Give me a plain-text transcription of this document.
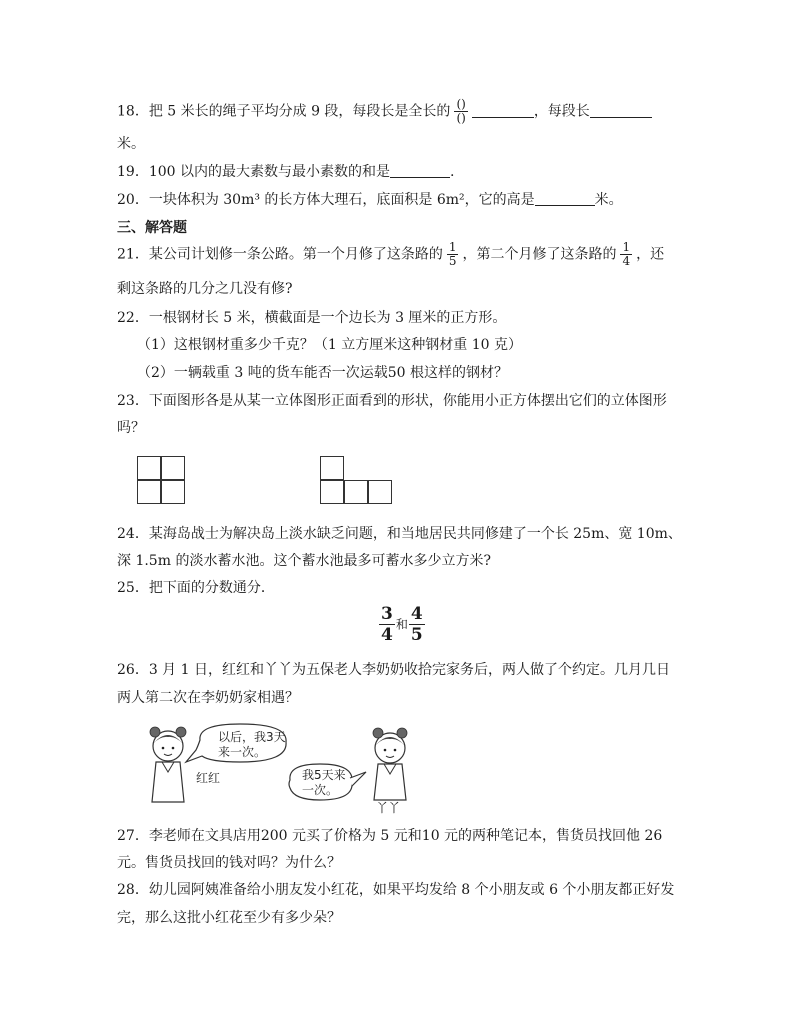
18．把 5 米长的绳子平均分成 9 段，每段长是全长的 $\frac{()}{()}$	，每段长
米。
19．100 以内的最大素数与最小素数的和是	.
20．一块体积为 30m³ 的长方体大理石，底面积是 6m²，它的高是	米。
三、解答题
21．某公司计划修一条公路。第一个月修了这条路的 $\frac{1}{5}$ ，第二个月修了这条路的 $\frac{1}{4}$ ，还
剩这条路的几分之几没有修?
22．一根钢材长 5 米，横截面是一个边长为 3 厘米的正方形。
（1）这根钢材重多少千克？（1 立方厘米这种钢材重 10 克）
（2）一辆载重 3 吨的货车能否一次运载50 根这样的钢材？
23．下面图形各是从某一立体图形正面看到的形状，你能用小正方体摆出它们的立体图形
吗？
24．某海岛战士为解决岛上淡水缺乏问题，和当地居民共同修建了一个长 25m、宽 10m、
深 1.5m 的淡水蓄水池。这个蓄水池最多可蓄水多少立方米?
25．把下面的分数通分．
$\frac{3}{4}$ 和 $\frac{4}{5}$
26．3 月 1 日，红红和丫丫为五保老人李奶奶收拾完家务后，两人做了个约定。几月几日
两人第二次在李奶奶家相遇？
红红
以后，我3天
来一次。
我5天来
一次。
丫丫
27．李老师在文具店用200 元买了价格为 5 元和10 元的两种笔记本，售货员找回他 26
元。售货员找回的钱对吗？为什么？
28．幼儿园阿姨准备给小朋友发小红花，如果平均发给 8 个小朋友或 6 个小朋友都正好发
完，那么这批小红花至少有多少朵？
